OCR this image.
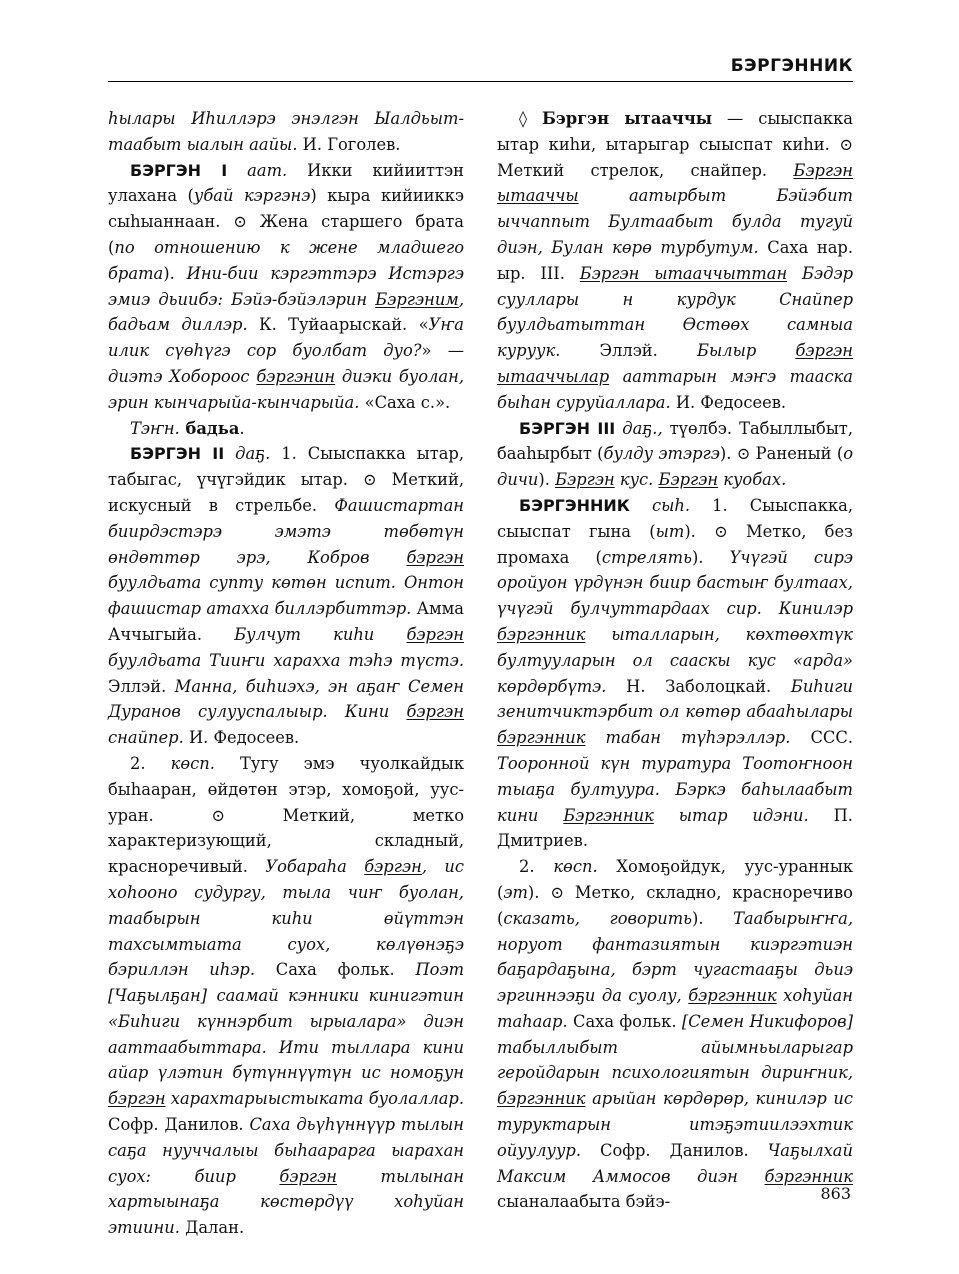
БЭРГЭННИК

һылары Иһиллэрэ энэлгэн Ыалдьыт-таабыт ыалын аайы. И. Гоголев.

БЭРГЭН I аат. Икки кийииттэн улахана (убай кэргэнэ) кыра кийииккэ сыһыаннаан. ⊙ Жена старшего брата (по отношению к жене младшего брата). Ини-бии кэргэттэрэ Истэргэ эмиэ дьиибэ: Бэйэ-бэйэлэрин Бэргэним, бадьам диллэр. К. Туйаарыскай. «Уҥа илик сүөһүгэ сор буолбат дуо?» — диэтэ Хобороос бэргэнин диэки буолан, эрин кынчарыйа-кынчарыйа. «Саха с.».

Тэҥн. бадьа.

БЭРГЭН II даҕ. 1. Сыыспакка ытар, табыгас, үчүгэйдик ытар. ⊙ Меткий, искусный в стрельбе. Фашистартан биирдэстэрэ эмэтэ төбөтүн өндөттөр эрэ, Кобров бэргэн буулдьата супту көтөн испит. Онтон фашистар атахха биллэрбиттэр. Амма Аччыгыйа. Булчут киһи бэргэн буулдьата Тииҥи харахха тэһэ түстэ. Эллэй. Манна, биһиэхэ, эн аҕаҥ Семен Дуранов сулууспалыыр. Кини бэргэн снайпер. И. Федосеев.

2. көсп. Тугу эмэ чуолкайдык быһааран, өйдөтөн этэр, хомоҕой, уус-уран. ⊙ Меткий, метко характеризующий, складный, красноречивый. Уобараһа бэргэн, ис хоһооно судургу, тыла чиҥ буолан, таабырын киһи өйүттэн тахсымтыата суох, көлүөнэҕэ бэриллэн иһэр. Саха фольк. Поэт [Чаҕылҕан] саамай кэнники кинигэтин «Биһиги күннэрбит ырыалара» диэн ааттаабыттара. Ити тыллара кини айар үлэтин бүтүннүүтүн ис номоҕун бэргэн харахтарыыстыката буолаллар. Софр. Данилов. Саха дьүһүннүүр тылын саҕа нууччалыы быһаарарга ыарахан суох: биир бэргэн тылынан хартыынаҕа көстөрдүү хоһуйан этиини. Далан.

◊ Бэргэн ытааччы — сыыспакка ытар киһи, ытарыгар сыыспат киһи. ⊙ Меткий стрелок, снайпер. Бэргэн ытааччы аатырбыт Бэйэбит ыччаппыт Бултаабыт булда тугуй диэн, Булан көрө турбутум. Саха нар. ыр. III. Бэргэн ытааччыттан Бэдэр сууллары н курдук Снайпер буулдьатыттан Өстөөх самныа куруук. Эллэй. Былыр бэргэн ытааччылар ааттарын мэҥэ тааска быһан суруйаллара. И. Федосеев.

БЭРГЭН III даҕ., түөлбэ. Табыллыбыт, бааһырбыт (булду этэргэ). ⊙ Раненый (о дичи). Бэргэн кус. Бэргэн куобах.

БЭРГЭННИК сыһ. 1. Сыыспакка, сыыспат гына (ыт). ⊙ Метко, без промаха (стрелять). Үчүгэй сирэ оройуон үрдүнэн биир бастыҥ бултаах, үчүгэй булчуттардаах сир. Кинилэр бэргэнник ыталларын, көхтөөхтүк бултууларын ол сааскы кус «арда» көрдөрбүтэ. Н. Заболоцкай. Биһиги зенитчиктэрбит ол көтөр абааһылары бэргэнник табан түһэрэллэр. ССС. Тооронной күн туратура Тоотоҥноон тыаҕа бултуура. Бэркэ баһылаабыт кини Бэргэнник ытар идэни. П. Дмитриев.

2. көсп. Хомоҕойдук, уус-ураннык (эт). ⊙ Метко, складно, красноречиво (сказать, говорить). Таабырыҥҥа, норуот фантазиятын киэргэтиэн баҕардаҕына, бэрт чугастааҕы дьиэ эргиннээҕи да суолу, бэргэнник хоһуйан таһаар. Саха фольк. [Семен Никифоров] табыллыбыт айымньыларыгар геройдарын психологиятын дириҥник, бэргэнник арыйан көрдөрөр, кинилэр ис туруктарын итэҕэтиилээхтик ойуулуур. Софр. Данилов. Чаҕылхай Максим Аммосов диэн бэргэнник сыаналаабыта бэйэ-	863
